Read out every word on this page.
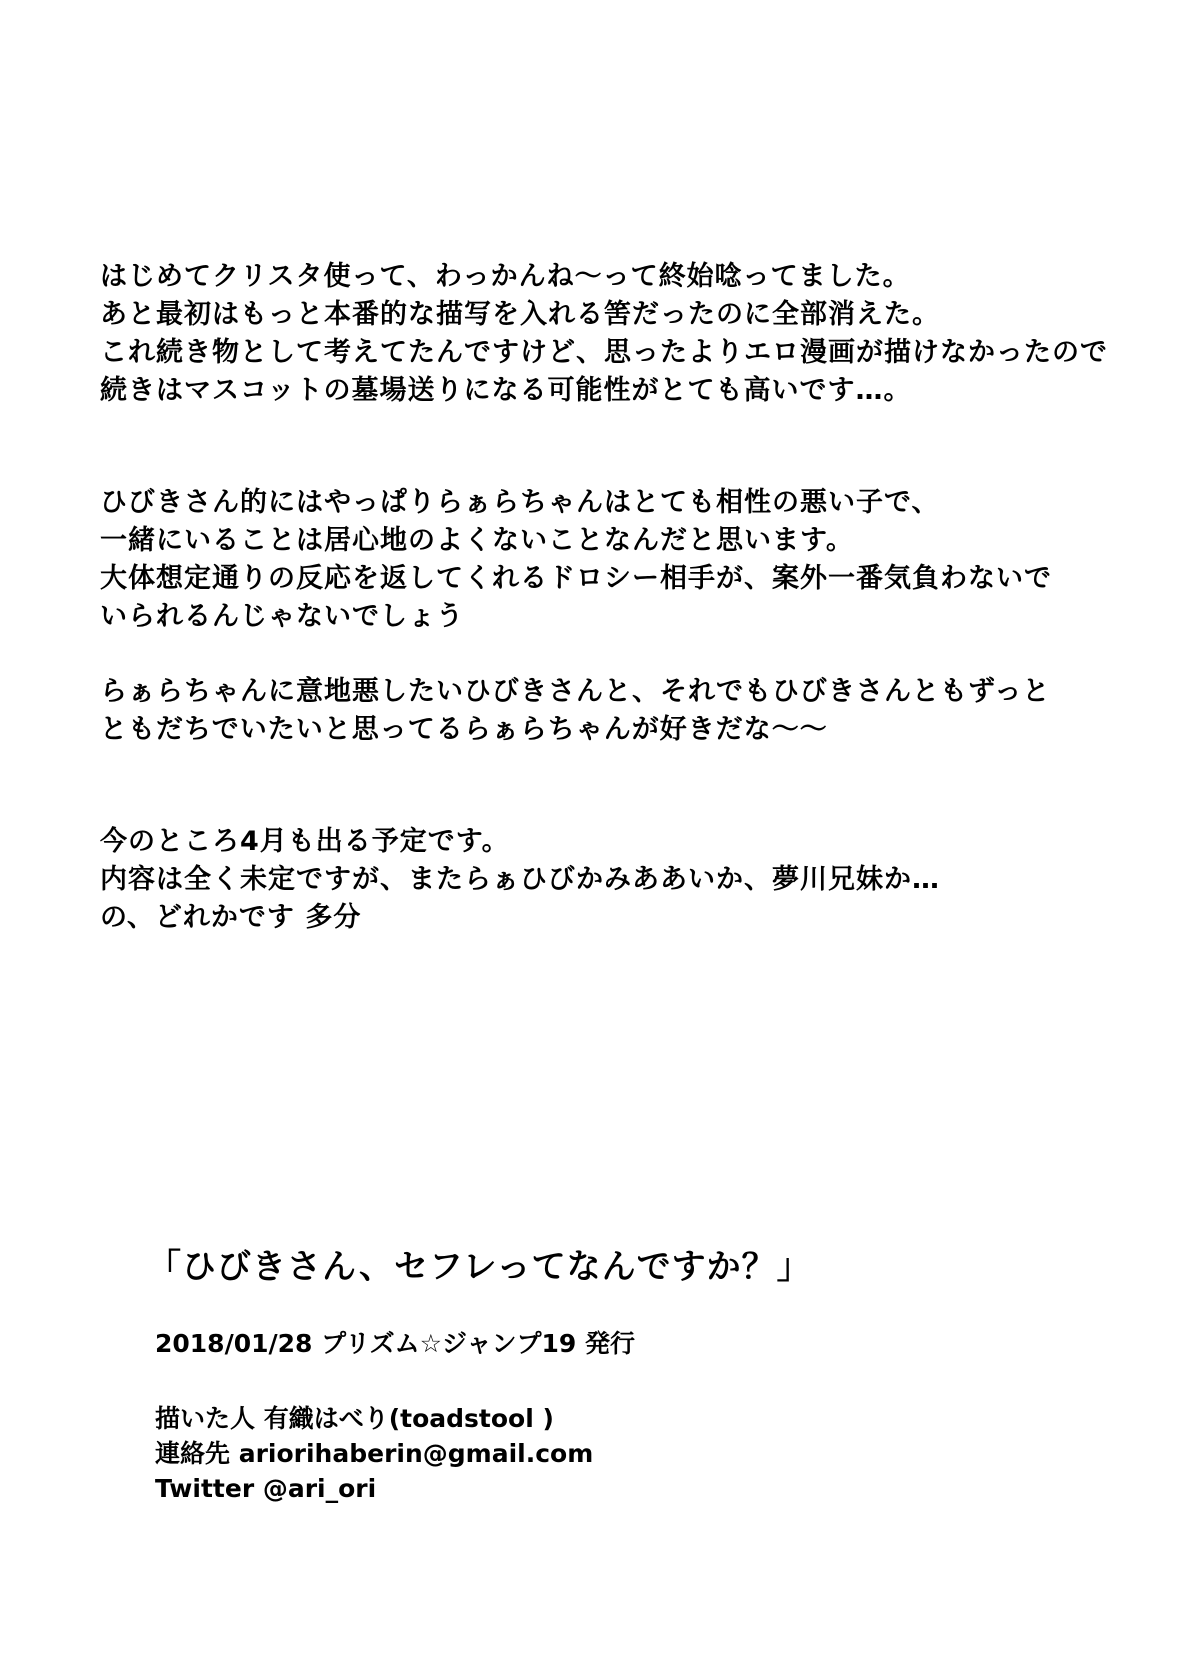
はじめてクリスタ使って、わっかんね〜って終始唸ってました。
あと最初はもっと本番的な描写を入れる筈だったのに全部消えた。
これ続き物として考えてたんですけど、思ったよりエロ漫画が描けなかったので
続きはマスコットの墓場送りになる可能性がとても高いです…。
ひびきさん的にはやっぱりらぁらちゃんはとても相性の悪い子で、
一緒にいることは居心地のよくないことなんだと思います。
大体想定通りの反応を返してくれるドロシー相手が、案外一番気負わないで
いられるんじゃないでしょう
らぁらちゃんに意地悪したいひびきさんと、それでもひびきさんともずっと
ともだちでいたいと思ってるらぁらちゃんが好きだな〜〜
今のところ4月も出る予定です。
内容は全く未定ですが、またらぁひびかみああいか、夢川兄妹か…
の、どれかです 多分
「ひびきさん、セフレってなんですか？」
2018/01/28 プリズム☆ジャンプ19 発行
描いた人 有織はべり(toadstool )
連絡先 ariorihaberin@gmail.com
Twitter @ari_ori
